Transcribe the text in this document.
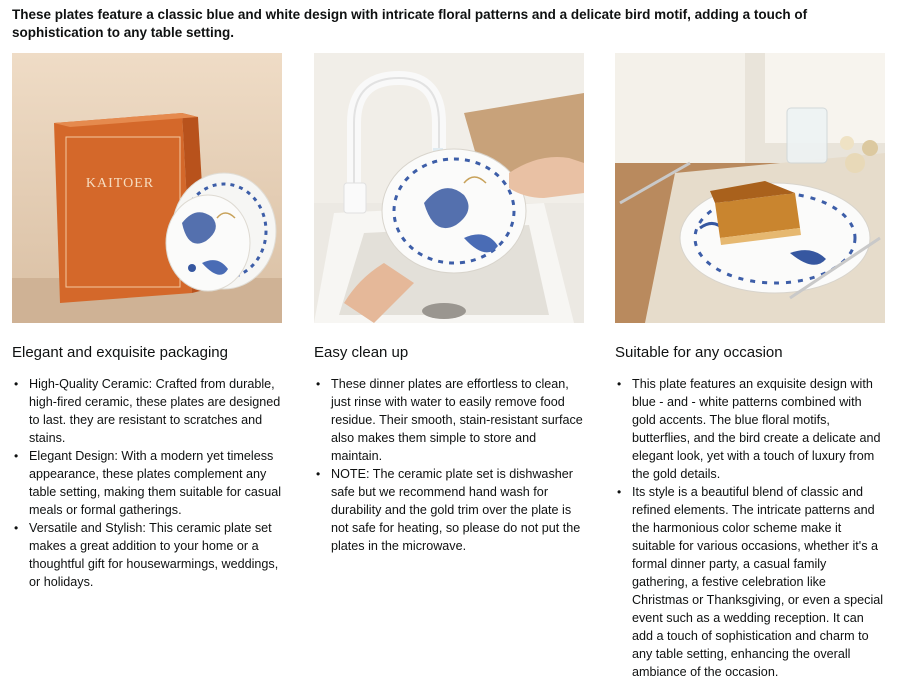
These plates feature a classic blue and white design with intricate floral patterns and a delicate bird motif, adding a touch of sophistication to any table setting.
KAITOER
Elegant and exquisite packaging
• High-Quality Ceramic: Crafted from durable, high-fired ceramic, these plates are designed to last. they are resistant to scratches and stains.
• Elegant Design: With a modern yet timeless appearance, these plates complement any table setting, making them suitable for casual meals or formal gatherings.
• Versatile and Stylish: This ceramic plate set makes a great addition to your home or a thoughtful gift for housewarmings, weddings, or holidays.
Easy clean up
• These dinner plates are effortless to clean, just rinse with water to easily remove food residue. Their smooth, stain-resistant surface also makes them simple to store and maintain.
• NOTE: The ceramic plate set is dishwasher safe but we recommend hand wash for durability and the gold trim over the plate is not safe for heating, so please do not put the plates in the microwave.
Suitable for any occasion
• This plate features an exquisite design with blue - and - white patterns combined with gold accents. The blue floral motifs, butterflies, and the bird create a delicate and elegant look, yet with a touch of luxury from the gold details.
• Its style is a beautiful blend of classic and refined elements. The intricate patterns and the harmonious color scheme make it suitable for various occasions, whether it's a formal dinner party, a casual family gathering, a festive celebration like Christmas or Thanksgiving, or even a special event such as a wedding reception. It can add a touch of sophistication and charm to any table setting, enhancing the overall ambiance of the occasion.
